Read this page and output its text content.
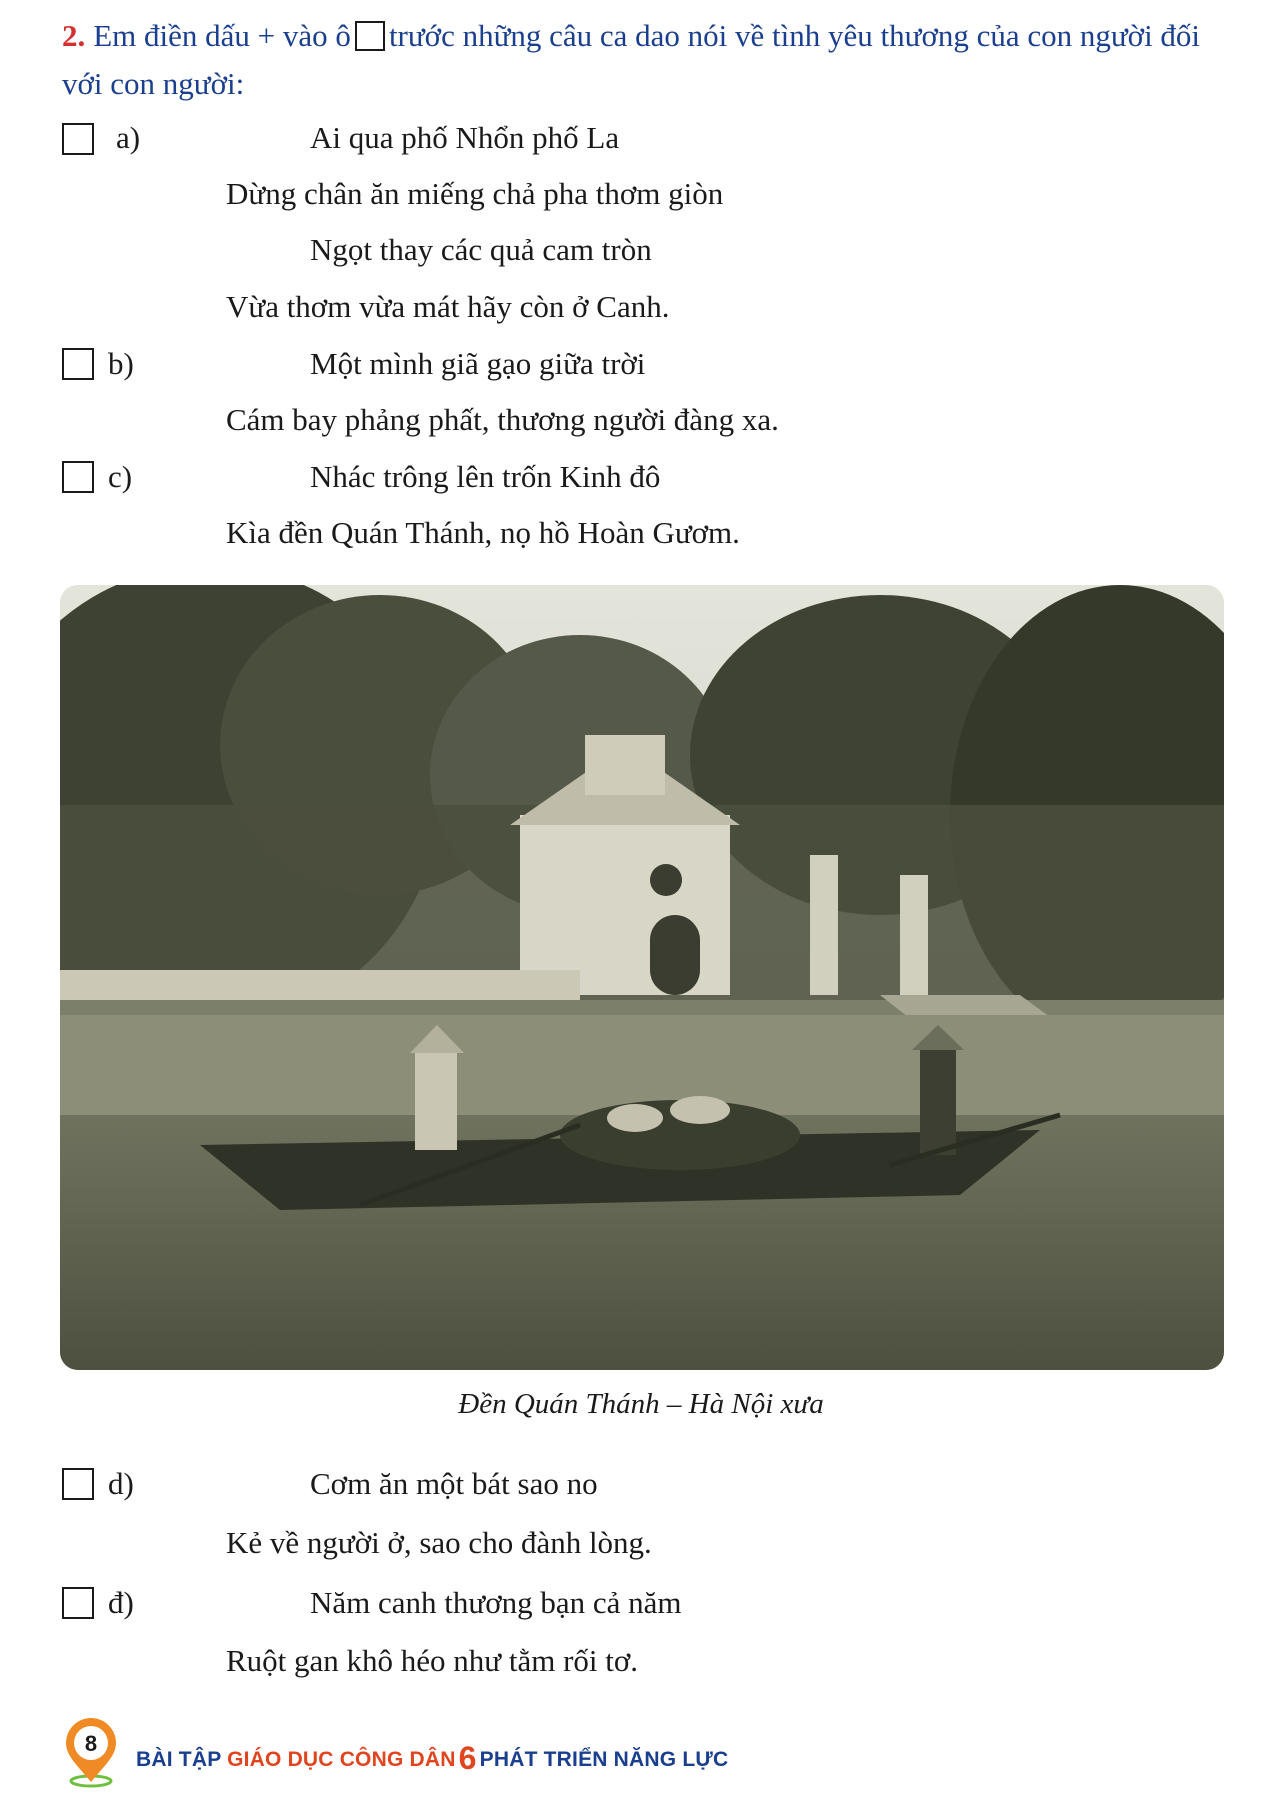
2. Em điền dấu + vào ô trước những câu ca dao nói về tình yêu thương của con người đối với con người:
a)	Ai qua phố Nhổn phố La
Dừng chân ăn miếng chả pha thơm giòn
Ngọt thay các quả cam tròn
Vừa thơm vừa mát hãy còn ở Canh.
b)	Một mình giã gạo giữa trời
Cám bay phảng phất, thương người đàng xa.
c)	Nhác trông lên trốn Kinh đô
Kìa đền Quán Thánh, nọ hồ Hoàn Gươm.
Đền Quán Thánh – Hà Nội xưa
d)	Cơm ăn một bát sao no
Kẻ về người ở, sao cho đành lòng.
đ)	Năm canh thương bạn cả năm
Ruột gan khô héo như tằm rối tơ.
8
BÀI TẬP GIÁO DỤC CÔNG DÂN6 PHÁT TRIỂN NĂNG LỰC
